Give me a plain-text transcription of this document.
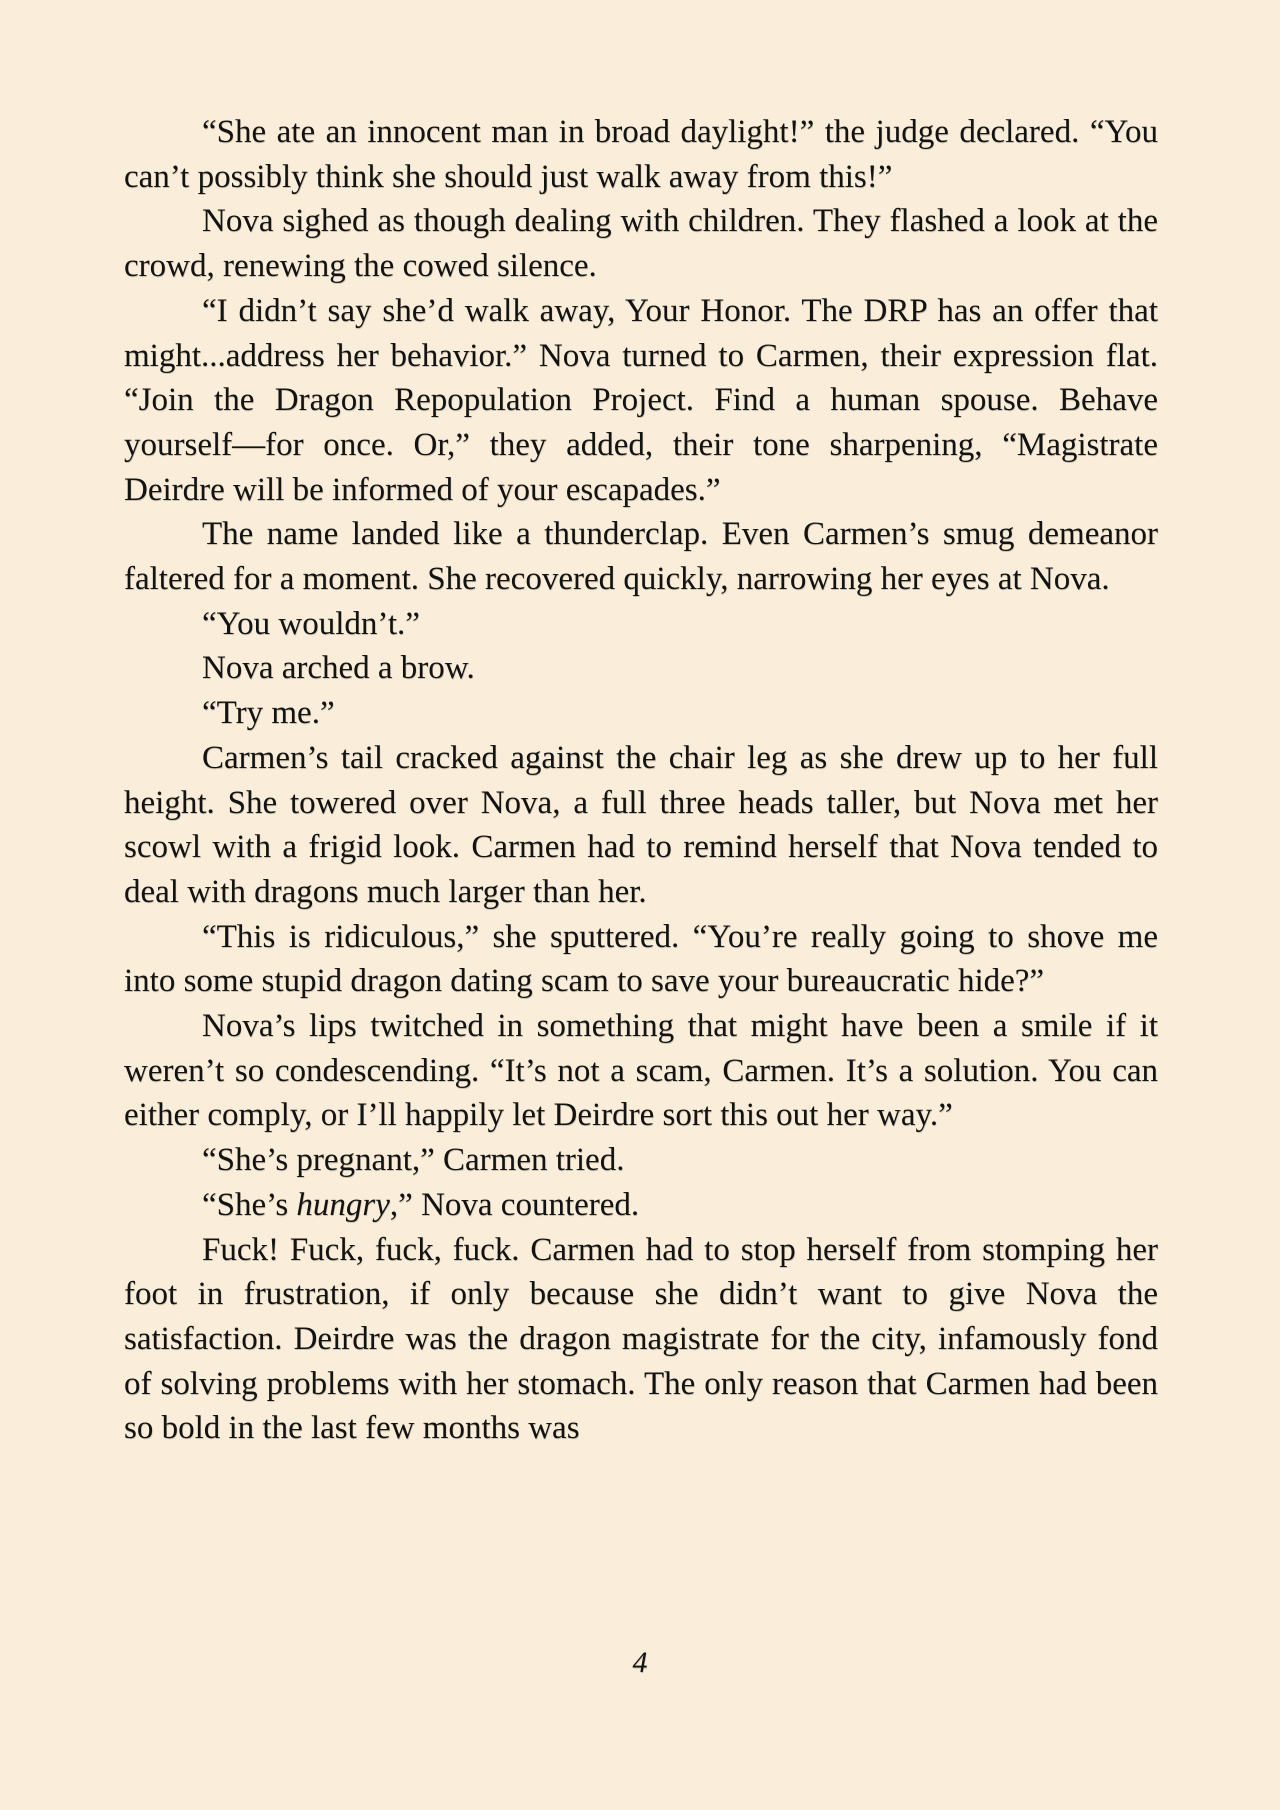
“She ate an innocent man in broad daylight!” the judge declared. “You can’t possibly think she should just walk away from this!”

Nova sighed as though dealing with children. They flashed a look at the crowd, renewing the cowed silence.

“I didn’t say she’d walk away, Your Honor. The DRP has an offer that might...address her behavior.” Nova turned to Carmen, their expression flat. “Join the Dragon Repopulation Project. Find a human spouse. Behave yourself—for once. Or,” they added, their tone sharpening, “Magistrate Deirdre will be informed of your escapades.”

The name landed like a thunderclap. Even Carmen’s smug demeanor faltered for a moment. She recovered quickly, narrowing her eyes at Nova.

“You wouldn’t.”

Nova arched a brow.

“Try me.”

Carmen’s tail cracked against the chair leg as she drew up to her full height. She towered over Nova, a full three heads taller, but Nova met her scowl with a frigid look. Carmen had to remind herself that Nova tended to deal with dragons much larger than her.

“This is ridiculous,” she sputtered. “You’re really going to shove me into some stupid dragon dating scam to save your bureaucratic hide?”

Nova’s lips twitched in something that might have been a smile if it weren’t so condescending. “It’s not a scam, Carmen. It’s a solution. You can either comply, or I’ll happily let Deirdre sort this out her way.”

“She’s pregnant,” Carmen tried.

“She’s hungry,” Nova countered.

Fuck! Fuck, fuck, fuck. Carmen had to stop herself from stomping her foot in frustration, if only because she didn’t want to give Nova the satisfaction. Deirdre was the dragon magistrate for the city, infamously fond of solving problems with her stomach. The only reason that Carmen had been so bold in the last few months was

4
